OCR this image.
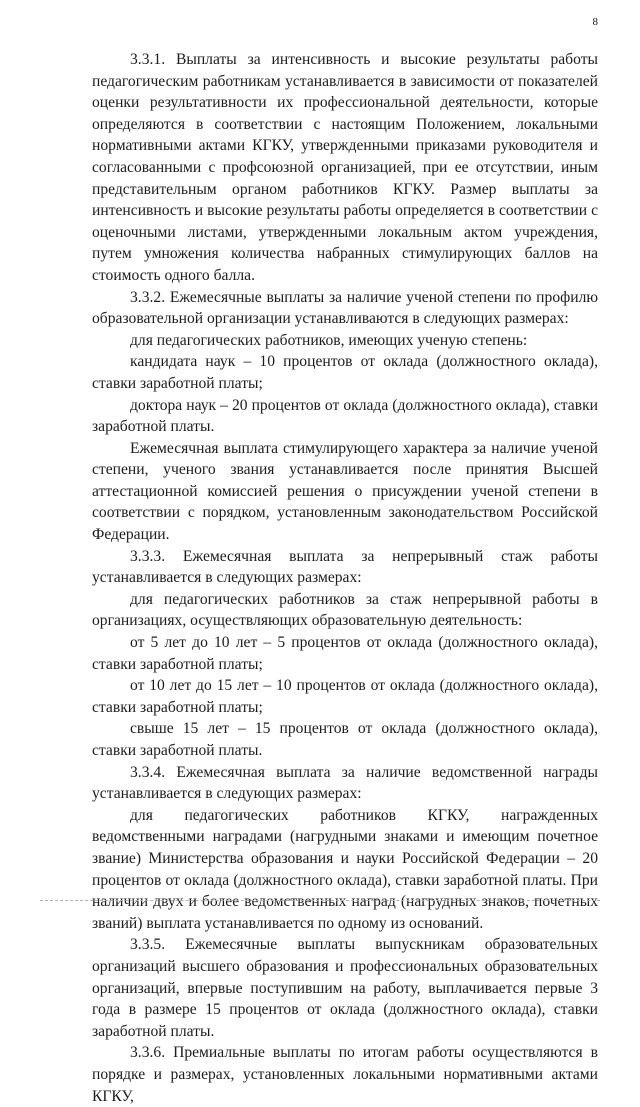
8

3.3.1. Выплаты за интенсивность и высокие результаты работы педагогическим работникам устанавливается в зависимости от показателей оценки результативности их профессиональной деятельности, которые определяются в соответствии с настоящим Положением, локальными нормативными актами КГКУ, утвержденными приказами руководителя и согласованными с профсоюзной организацией, при ее отсутствии, иным представительным органом работников КГКУ. Размер выплаты за интенсивность и высокие результаты работы определяется в соответствии с оценочными листами, утвержденными локальным актом учреждения, путем умножения количества набранных стимулирующих баллов на стоимость одного балла.

3.3.2. Ежемесячные выплаты за наличие ученой степени по профилю образовательной организации устанавливаются в следующих размерах:

для педагогических работников, имеющих ученую степень:

кандидата наук – 10 процентов от оклада (должностного оклада), ставки заработной платы;

доктора наук – 20 процентов от оклада (должностного оклада), ставки заработной платы.

Ежемесячная выплата стимулирующего характера за наличие ученой степени, ученого звания устанавливается после принятия Высшей аттестационной комиссией решения о присуждении ученой степени в соответствии с порядком, установленным законодательством Российской Федерации.

3.3.3. Ежемесячная выплата за непрерывный стаж работы устанавливается в следующих размерах:

для педагогических работников за стаж непрерывной работы в организациях, осуществляющих образовательную деятельность:

от 5 лет до 10 лет – 5 процентов от оклада (должностного оклада), ставки заработной платы;

от 10 лет до 15 лет – 10 процентов от оклада (должностного оклада), ставки заработной платы;

свыше 15 лет – 15 процентов от оклада (должностного оклада), ставки заработной платы.

3.3.4. Ежемесячная выплата за наличие ведомственной награды устанавливается в следующих размерах:

для педагогических работников КГКУ, награжденных ведомственными наградами (нагрудными знаками и имеющим почетное звание) Министерства образования и науки Российской Федерации – 20 процентов от оклада (должностного оклада), ставки заработной платы. При наличии двух и более ведомственных наград (нагрудных знаков, почетных званий) выплата устанавливается по одному из оснований.

3.3.5. Ежемесячные выплаты выпускникам образовательных организаций высшего образования и профессиональных образовательных организаций, впервые поступившим на работу, выплачивается первые 3 года в размере 15 процентов от оклада (должностного оклада), ставки заработной платы.

3.3.6. Премиальные выплаты по итогам работы осуществляются в порядке и размерах, установленных локальными нормативными актами КГКУ,
